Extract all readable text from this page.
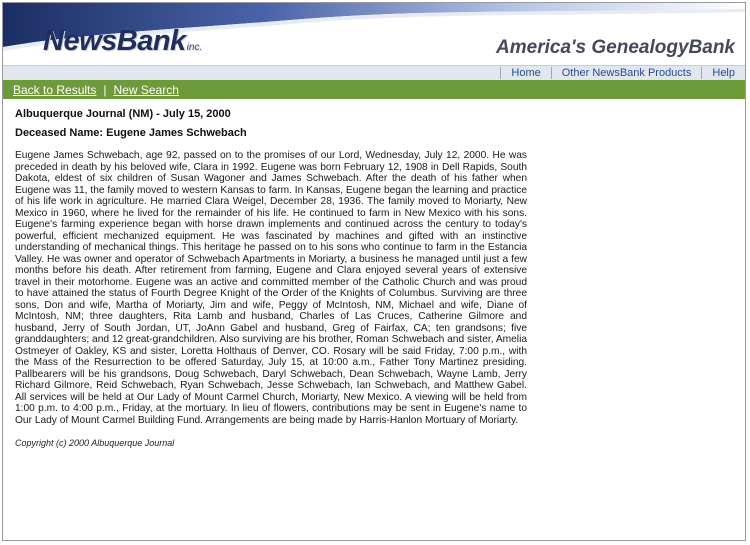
NewsBankinc.	America's GenealogyBank
Home	Other NewsBank Products	Help
Back to Results | New Search
Albuquerque Journal (NM) - July 15, 2000
Deceased Name: Eugene James Schwebach
Eugene James Schwebach, age 92, passed on to the promises of our Lord, Wednesday, July 12, 2000. He was preceded in death by his beloved wife, Clara in 1992. Eugene was born February 12, 1908 in Dell Rapids, South Dakota, eldest of six children of Susan Wagoner and James Schwebach. After the death of his father when Eugene was 11, the family moved to western Kansas to farm. In Kansas, Eugene began the learning and practice of his life work in agriculture. He married Clara Weigel, December 28, 1936. The family moved to Moriarty, New Mexico in 1960, where he lived for the remainder of his life. He continued to farm in New Mexico with his sons. Eugene's farming experience began with horse drawn implements and continued across the century to today's powerful, efficient mechanized equipment. He was fascinated by machines and gifted with an instinctive understanding of mechanical things. This heritage he passed on to his sons who continue to farm in the Estancia Valley. He was owner and operator of Schwebach Apartments in Moriarty, a business he managed until just a few months before his death. After retirement from farming, Eugene and Clara enjoyed several years of extensive travel in their motorhome. Eugene was an active and committed member of the Catholic Church and was proud to have attained the status of Fourth Degree Knight of the Order of the Knights of Columbus. Surviving are three sons, Don and wife, Martha of Moriarty, Jim and wife, Peggy of McIntosh, NM, Michael and wife, Diane of McIntosh, NM; three daughters, Rita Lamb and husband, Charles of Las Cruces, Catherine Gilmore and husband, Jerry of South Jordan, UT, JoAnn Gabel and husband, Greg of Fairfax, CA; ten grandsons; five granddaughters; and 12 great-grandchildren. Also surviving are his brother, Roman Schwebach and sister, Amelia Ostmeyer of Oakley, KS and sister, Loretta Holthaus of Denver, CO. Rosary will be said Friday, 7:00 p.m., with the Mass of the Resurrection to be offered Saturday, July 15, at 10:00 a.m., Father Tony Martinez presiding. Pallbearers will be his grandsons, Doug Schwebach, Daryl Schwebach, Dean Schwebach, Wayne Lamb, Jerry Richard Gilmore, Reid Schwebach, Ryan Schwebach, Jesse Schwebach, Ian Schwebach, and Matthew Gabel. All services will be held at Our Lady of Mount Carmel Church, Moriarty, New Mexico. A viewing will be held from 1:00 p.m. to 4:00 p.m., Friday, at the mortuary. In lieu of flowers, contributions may be sent in Eugene's name to Our Lady of Mount Carmel Building Fund. Arrangements are being made by Harris-Hanlon Mortuary of Moriarty.
Copyright (c) 2000 Albuquerque Journal
